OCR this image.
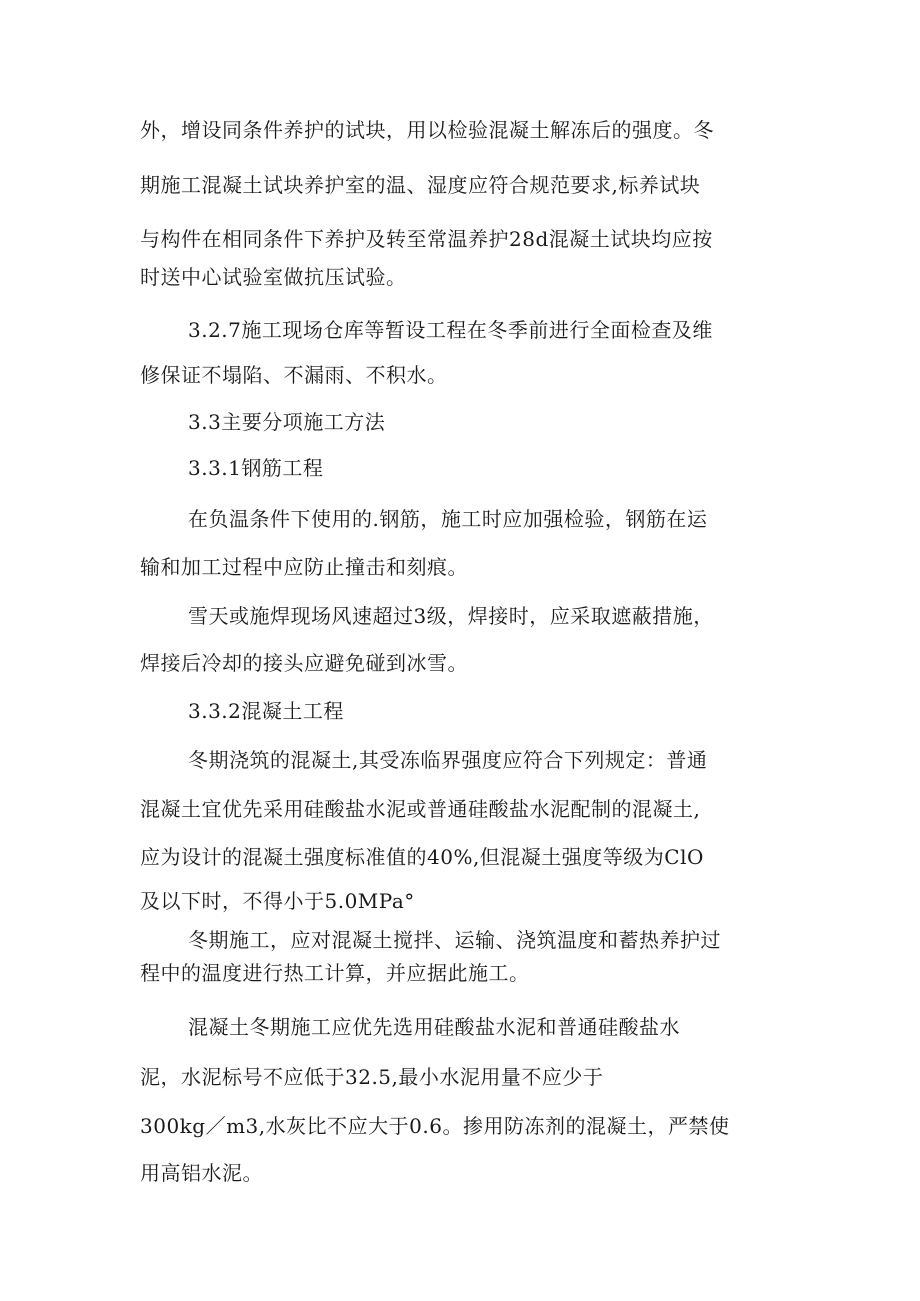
外，增设同条件养护的试块，用以检验混凝土解冻后的强度。冬

期施工混凝土试块养护室的温、湿度应符合规范要求,标养试块

与构件在相同条件下养护及转至常温养护28d混凝土试块均应按

时送中心试验室做抗压试验。

3.2.7施工现场仓库等暂设工程在冬季前进行全面检查及维

修保证不塌陷、不漏雨、不积水。

3.3主要分项施工方法

3.3.1钢筋工程

在负温条件下使用的.钢筋，施工时应加强检验，钢筋在运

输和加工过程中应防止撞击和刻痕。

雪天或施焊现场风速超过3级，焊接时，应采取遮蔽措施，

焊接后冷却的接头应避免碰到冰雪。

3.3.2混凝土工程

冬期浇筑的混凝土,其受冻临界强度应符合下列规定：普通

混凝土宜优先采用硅酸盐水泥或普通硅酸盐水泥配制的混凝土,

应为设计的混凝土强度标准值的40%,但混凝土强度等级为ClO

及以下时，不得小于5.0MPa°

冬期施工，应对混凝土搅拌、运输、浇筑温度和蓄热养护过

程中的温度进行热工计算，并应据此施工。

混凝土冬期施工应优先选用硅酸盐水泥和普通硅酸盐水

泥，水泥标号不应低于32.5,最小水泥用量不应少于

300kg／m3,水灰比不应大于0.6。掺用防冻剂的混凝土，严禁使

用高铝水泥。
